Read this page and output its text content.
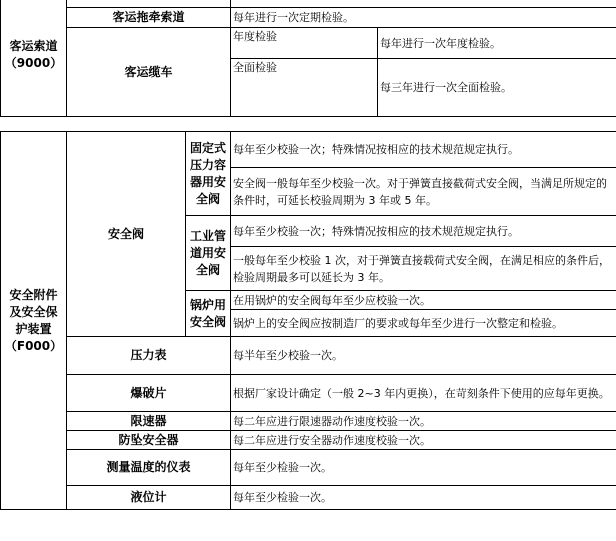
客运索道
（9000）			
	客运拖牵索道	每年进行一次定期检验。	
	客运缆车	年度检验	每年进行一次年度检验。
		全面检验	每三年进行一次全面检验。

安全附件
及安全保
护装置
（F000）	安全阀	固定式
压力容
器用安
全阀	每年至少校验一次；特殊情况按相应的技术规范规定执行。
			安全阀一般每年至少校验一次。对于弹簧直接截荷式安全阀，当满足所规定的条件时，可延长校验周期为 3 年或 5 年。
		工业管
道用安
全阀	每年至少校验一次；特殊情况按相应的技术规范规定执行。
			一般每年至少校验 1 次，对于弹簧直接载荷式安全阀，在满足相应的条件后，检验周期最多可以延长为 3 年。
		锅炉用
安全阀	在用锅炉的安全阀每年至少应校验一次。
			锅炉上的安全阀应按制造厂的要求或每年至少进行一次整定和检验。
	压力表		每半年至少校验一次。
	爆破片		根据厂家设计确定（一般 2~3 年内更换），在苛刻条件下使用的应每年更换。
	限速器		每二年应进行限速器动作速度校验一次。
	防坠安全器		每二年应进行安全器动作速度校验一次。
	测量温度的仪表		每年至少检验一次。
	液位计		每年至少检验一次。
